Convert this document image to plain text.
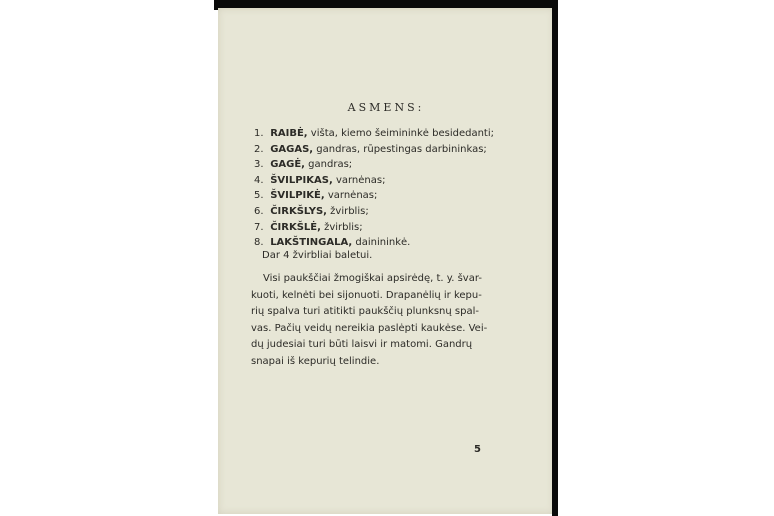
ASMENS:
1. RAIBĖ, višta, kiemo šeimininkė besidedanti;
2. GAGAS, gandras, rūpestingas darbininkas;
3. GAGĖ, gandras;
4. ŠVILPIKAS, varnėnas;
5. ŠVILPIKĖ, varnėnas;
6. ČIRKŠLYS, žvirblis;
7. ČIRKŠLĖ, žvirblis;
8. LAKŠTINGALA, dainininkė.
Dar 4 žvirbliai baletui.
Visi paukščiai žmogiškai apsirėdę, t. y. švar-
kuoti, kelnėti bei sijonuoti. Drapanėlių ir kepu-
rių spalva turi atitikti paukščių plunksnų spal-
vas. Pačių veidų nereikia paslėpti kaukėse. Vei-
dų judesiai turi būti laisvi ir matomi. Gandrų
snapai iš kepurių telindie.
5
